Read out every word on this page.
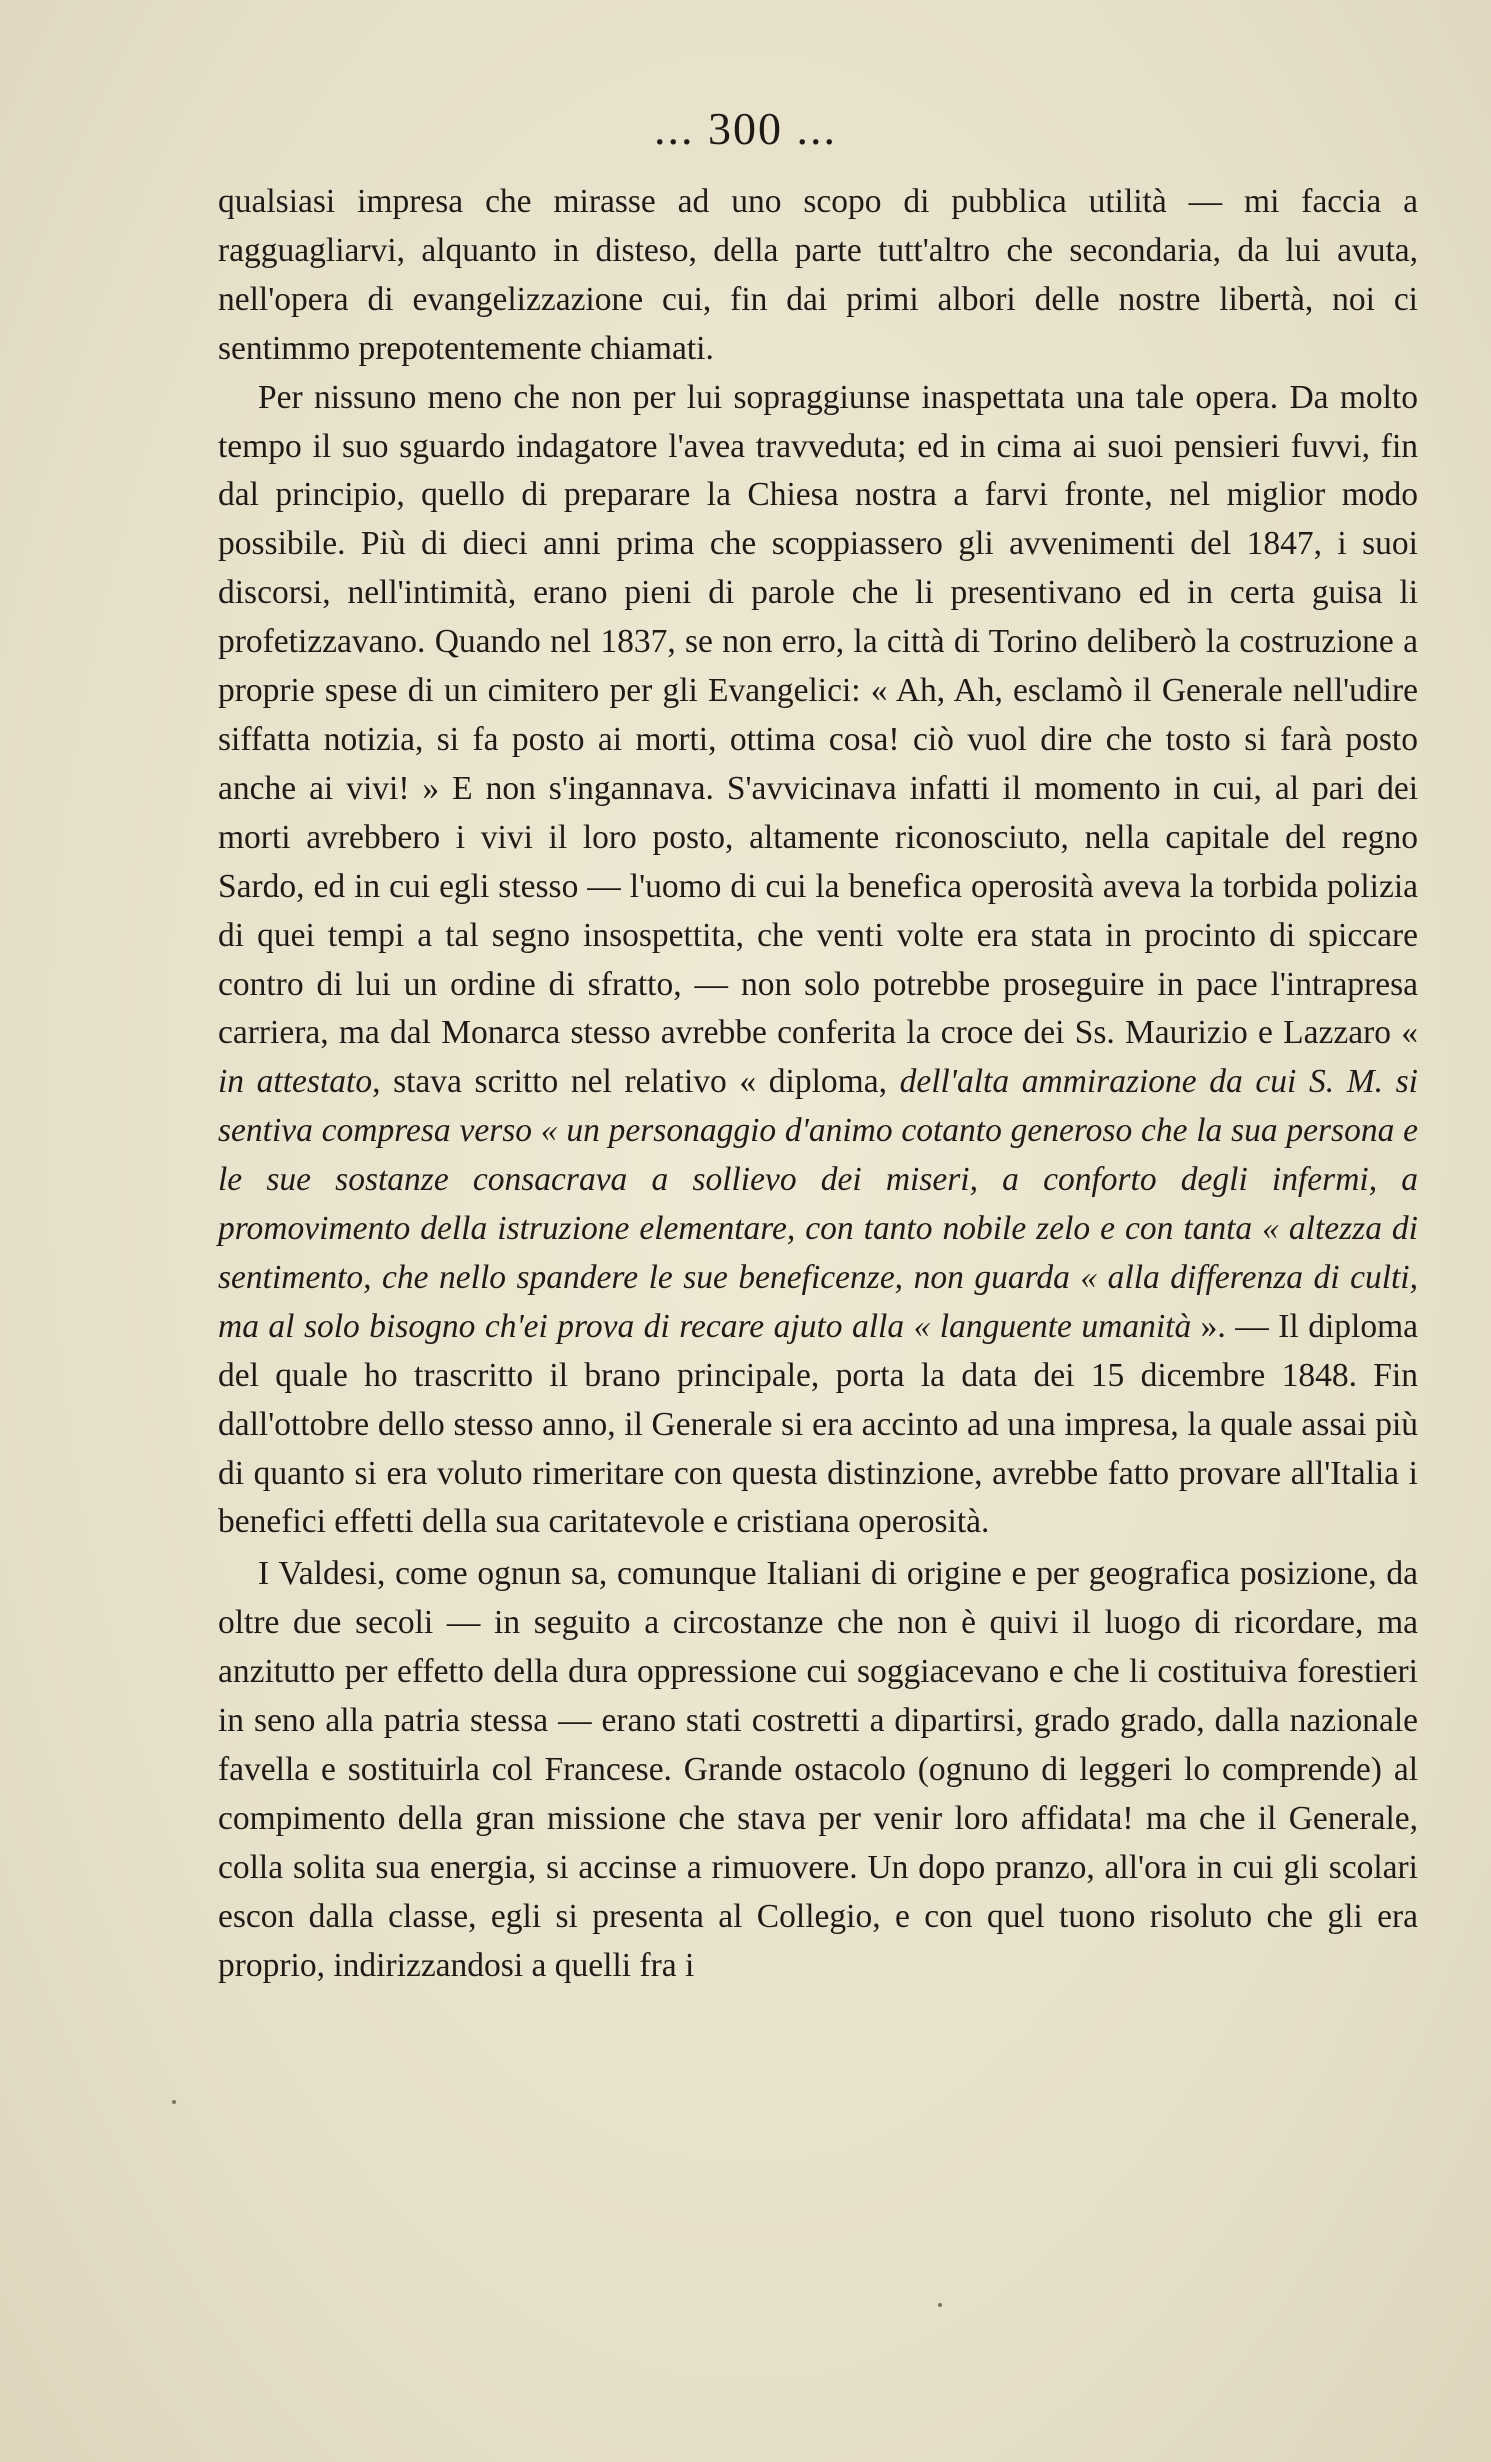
... 300 ...

qualsiasi impresa che mirasse ad uno scopo di pubblica utilità — mi faccia a ragguagliarvi, alquanto in disteso, della parte tutt'altro che secondaria, da lui avuta, nell'opera di evangelizzazione cui, fin dai primi albori delle nostre libertà, noi ci sentimmo prepotentemente chiamati.

Per nissuno meno che non per lui sopraggiunse inaspettata una tale opera. Da molto tempo il suo sguardo indagatore l'avea travveduta; ed in cima ai suoi pensieri fuvvi, fin dal principio, quello di preparare la Chiesa nostra a farvi fronte, nel miglior modo possibile. Più di dieci anni prima che scoppiassero gli avvenimenti del 1847, i suoi discorsi, nell'intimità, erano pieni di parole che li presentivano ed in certa guisa li profetizzavano. Quando nel 1837, se non erro, la città di Torino deliberò la costruzione a proprie spese di un cimitero per gli Evangelici: « Ah, Ah, esclamò il Generale nell'udire siffatta notizia, si fa posto ai morti, ottima cosa! ciò vuol dire che tosto si farà posto anche ai vivi! » E non s'ingannava. S'avvicinava infatti il momento in cui, al pari dei morti avrebbero i vivi il loro posto, altamente riconosciuto, nella capitale del regno Sardo, ed in cui egli stesso — l'uomo di cui la benefica operosità aveva la torbida polizia di quei tempi a tal segno insospettita, che venti volte era stata in procinto di spiccare contro di lui un ordine di sfratto, — non solo potrebbe proseguire in pace l'intrapresa carriera, ma dal Monarca stesso avrebbe conferita la croce dei Ss. Maurizio e Lazzaro « in attestato, stava scritto nel relativo « diploma, dell'alta ammirazione da cui S. M. si sentiva compresa verso « un personaggio d'animo cotanto generoso che la sua persona e le sue sostanze consacrava a sollievo dei miseri, a conforto degli infermi, a promovimento della istruzione elementare, con tanto nobile zelo e con tanta « altezza di sentimento, che nello spandere le sue beneficenze, non guarda « alla differenza di culti, ma al solo bisogno ch'ei prova di recare ajuto alla « languente umanità ». — Il diploma del quale ho trascritto il brano principale, porta la data dei 15 dicembre 1848. Fin dall'ottobre dello stesso anno, il Generale si era accinto ad una impresa, la quale assai più di quanto si era voluto rimeritare con questa distinzione, avrebbe fatto provare all'Italia i benefici effetti della sua caritatevole e cristiana operosità.

I Valdesi, come ognun sa, comunque Italiani di origine e per geografica posizione, da oltre due secoli — in seguito a circostanze che non è quivi il luogo di ricordare, ma anzitutto per effetto della dura oppressione cui soggiacevano e che li costituiva forestieri in seno alla patria stessa — erano stati costretti a dipartirsi, grado grado, dalla nazionale favella e sostituirla col Francese. Grande ostacolo (ognuno di leggeri lo comprende) al compimento della gran missione che stava per venir loro affidata! ma che il Generale, colla solita sua energia, si accinse a rimuovere. Un dopo pranzo, all'ora in cui gli scolari escon dalla classe, egli si presenta al Collegio, e con quel tuono risoluto che gli era proprio, indirizzandosi a quelli fra i
